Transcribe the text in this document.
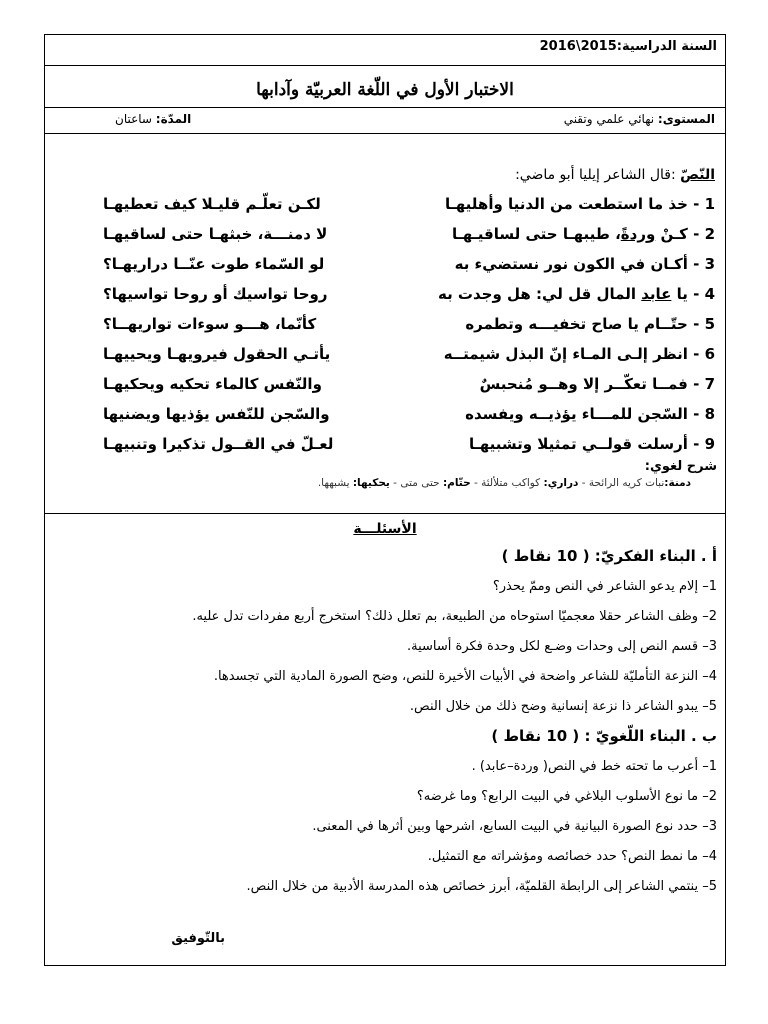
السنة الدراسية:2015\2016
الاختبار الأول في اللّغة العربيّة وآدابها
المستوى: نهائي علمي وتقني
المدّة: ساعتان
النّصّ :قال الشاعر إيليا أبو ماضي:
1 - خذ ما استطعت من الدنيا وأهليهـا
لكـن تعلّـم قليـلا كيف تعطيهـا
2 - كـنْ وردةً، طيبهـا حتى لساقيـهـا
لا دمنـــة، خبثهـا حتى لساقيهـا
3 - أكـان في الكون نور نستضيء به
لو السّماء طوت عنّــا دراريهـا؟
4 - يا عابد المال قل لي: هل وجدت به
روحا تواسيك أو روحا تواسيها؟
5 - حتّــام يا صاح تخفيـــه وتطمره
كأنّما، هـــو سوءات تواريهــا؟
6 - انظر إلـى المـاء إنّ البذل شيمتــه
يأتـي الحقول فيرويهـا ويحييهـا
7 - فمــا تعكّــر إلا وهــو مُنحبسٌ
والنّفس كالماء تحكيه ويحكيهـا
8 - السّجن للمـــاء يؤذيــه ويفسده
والسّجن للنّفس يؤذيها ويضنيها
9 - أرسلت قولــي تمثيلا وتشبيهـا
لعـلّ في القــول تذكيرا وتنبيهـا
شرح لغوي:
دمنة:نبات كريه الرائحة - دراري: كواكب متلألئة - حتّام: حتى متى - يحكيها: يشبهها.
الأسئلـــة
أ . البناء الفكريّ: ( 10 نقاط )
1– إلام يدعو الشاعر في النص وممّ يحذر؟
2– وظف الشاعر حقلا معجميّا استوحاه من الطبيعة، بم تعلل ذلك؟ استخرج أربع مفردات تدل عليه.
3– قسم النص إلى وحدات وضـع لكل وحدة فكرة أساسية.
4– النزعة التأمليّة للشاعر واضحة في الأبيات الأخيرة للنص، وضح الصورة المادية التي تجسدها.
5– يبدو الشاعر ذا نزعة إنسانية وضح ذلك من خلال النص.
ب . البناء اللّغويّ : ( 10 نقاط )
1– أعرب ما تحته خط في النص( وردة–عابد) .
2– ما نوع الأسلوب البلاغي في البيت الرابع؟ وما غرضه؟
3– حدد نوع الصورة البيانية في البيت السابع، اشرحها وبين أثرها في المعنى.
4– ما نمط النص؟ حدد خصائصه ومؤشراته مع التمثيل.
5– ينتمي الشاعر إلى الرابطة القلميّة، أبرز خصائص هذه المدرسة الأدبية من خلال النص.
بالتّوفيق
